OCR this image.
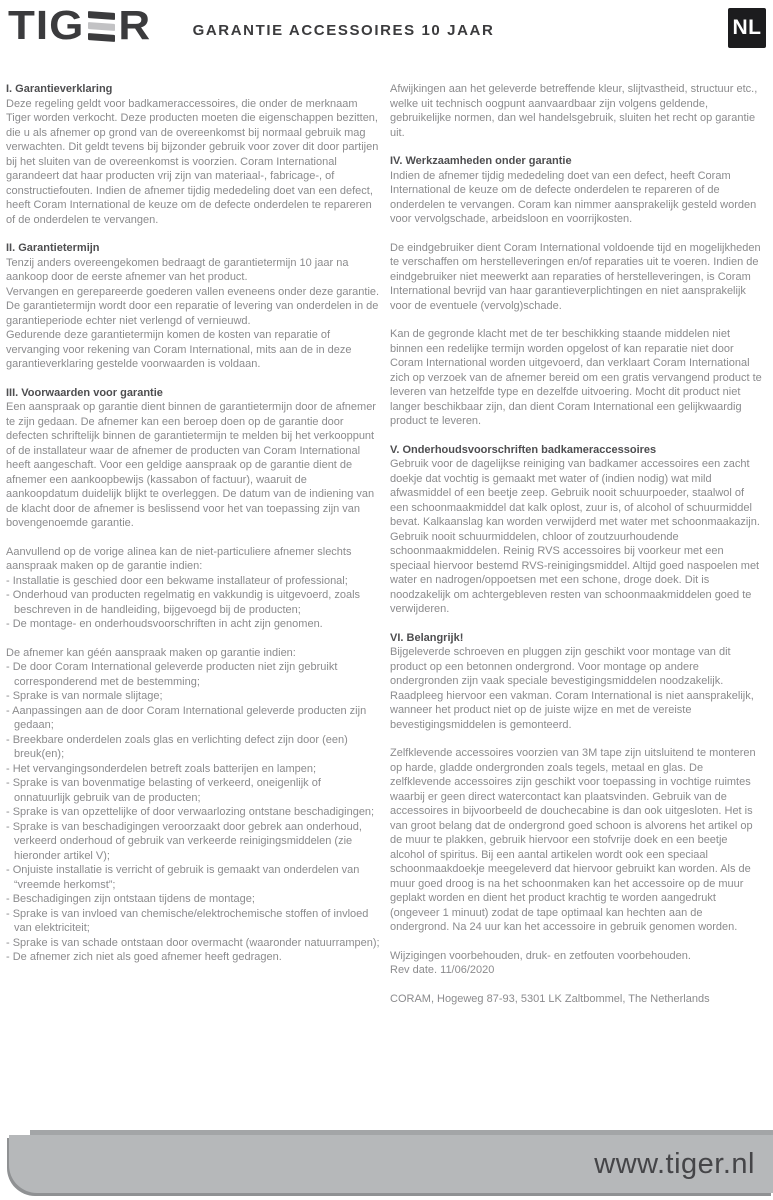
TIG R	GARANTIE ACCESSOIRES 10 JAAR	NL
I. Garantieverklaring
Deze regeling geldt voor badkameraccessoires, die onder de merknaam Tiger worden verkocht. Deze producten moeten die eigenschappen bezitten, die u als afnemer op grond van de overeenkomst bij normaal gebruik mag verwachten. Dit geldt tevens bij bijzonder gebruik voor zover dit door partijen bij het sluiten van de overeenkomst is voorzien. Coram International garandeert dat haar producten vrij zijn van materiaal-, fabricage-, of constructiefouten. Indien de afnemer tijdig mededeling doet van een defect, heeft Coram International de keuze om de defecte onderdelen te repareren of de onderdelen te vervangen.
II. Garantietermijn
Tenzij anders overeengekomen bedraagt de garantietermijn 10 jaar na aankoop door de eerste afnemer van het product.
Vervangen en gerepareerde goederen vallen eveneens onder deze garantie. De garantietermijn wordt door een reparatie of levering van onderdelen in de garantieperiode echter niet verlengd of vernieuwd.
Gedurende deze garantietermijn komen de kosten van reparatie of vervanging voor rekening van Coram International, mits aan de in deze garantieverklaring gestelde voorwaarden is voldaan.
III. Voorwaarden voor garantie
Een aanspraak op garantie dient binnen de garantietermijn door de afnemer te zijn gedaan. De afnemer kan een beroep doen op de garantie door defecten schriftelijk binnen de garantietermijn te melden bij het verkooppunt of de installateur waar de afnemer de producten van Coram International heeft aangeschaft. Voor een geldige aanspraak op de garantie dient de afnemer een aankoopbewijs (kassabon of factuur), waaruit de aankoopdatum duidelijk blijkt te overleggen. De datum van de indiening van de klacht door de afnemer is beslissend voor het van toepassing zijn van bovengenoemde garantie.
Aanvullend op de vorige alinea kan de niet-particuliere afnemer slechts aanspraak maken op de garantie indien:
- Installatie is geschied door een bekwame installateur of professional;
- Onderhoud van producten regelmatig en vakkundig is uitgevoerd, zoals beschreven in de handleiding, bijgevoegd bij de producten;
- De montage- en onderhoudsvoorschriften in acht zijn genomen.
De afnemer kan géén aanspraak maken op garantie indien:
- De door Coram International geleverde producten niet zijn gebruikt corresponderend met de bestemming;
- Sprake is van normale slijtage;
- Aanpassingen aan de door Coram International geleverde producten zijn gedaan;
- Breekbare onderdelen zoals glas en verlichting defect zijn door (een) breuk(en);
- Het vervangingsonderdelen betreft zoals batterijen en lampen;
- Sprake is van bovenmatige belasting of verkeerd, oneigenlijk of onnatuurlijk gebruik van de producten;
- Sprake is van opzettelijke of door verwaarlozing ontstane beschadigingen;
- Sprake is van beschadigingen veroorzaakt door gebrek aan onderhoud, verkeerd onderhoud of gebruik van verkeerde reinigingsmiddelen (zie hieronder artikel V);
- Onjuiste installatie is verricht of gebruik is gemaakt van onderdelen van “vreemde herkomst”;
- Beschadigingen zijn ontstaan tijdens de montage;
- Sprake is van invloed van chemische/elektrochemische stoffen of invloed van elektriciteit;
- Sprake is van schade ontstaan door overmacht (waaronder natuurrampen);
- De afnemer zich niet als goed afnemer heeft gedragen.
Afwijkingen aan het geleverde betreffende kleur, slijtvastheid, structuur etc., welke uit technisch oogpunt aanvaardbaar zijn volgens geldende, gebruikelijke normen, dan wel handelsgebruik, sluiten het recht op garantie uit.
IV. Werkzaamheden onder garantie
Indien de afnemer tijdig mededeling doet van een defect, heeft Coram International de keuze om de defecte onderdelen te repareren of de onderdelen te vervangen. Coram kan nimmer aansprakelijk gesteld worden voor vervolgschade, arbeidsloon en voorrijkosten.
De eindgebruiker dient Coram International voldoende tijd en mogelijkheden te verschaffen om herstelleveringen en/of reparaties uit te voeren. Indien de eindgebruiker niet meewerkt aan reparaties of herstelleveringen, is Coram International bevrijd van haar garantieverplichtingen en niet aansprakelijk voor de eventuele (vervolg)schade.
Kan de gegronde klacht met de ter beschikking staande middelen niet binnen een redelijke termijn worden opgelost of kan reparatie niet door Coram International worden uitgevoerd, dan verklaart Coram International zich op verzoek van de afnemer bereid om een gratis vervangend product te leveren van hetzelfde type en dezelfde uitvoering. Mocht dit product niet langer beschikbaar zijn, dan dient Coram International een gelijkwaardig product te leveren.
V. Onderhoudsvoorschriften badkameraccessoires
Gebruik voor de dagelijkse reiniging van badkamer accessoires een zacht doekje dat vochtig is gemaakt met water of (indien nodig) wat mild afwasmiddel of een beetje zeep. Gebruik nooit schuurpoeder, staalwol of een schoonmaakmiddel dat kalk oplost, zuur is, of alcohol of schuurmiddel bevat. Kalkaanslag kan worden verwijderd met water met schoonmaakazijn. Gebruik nooit schuurmiddelen, chloor of zoutzuurhoudende schoonmaakmiddelen. Reinig RVS accessoires bij voorkeur met een speciaal hiervoor bestemd RVS-reinigingsmiddel. Altijd goed naspoelen met water en nadrogen/oppoetsen met een schone, droge doek. Dit is noodzakelijk om achtergebleven resten van schoonmaakmiddelen goed te verwijderen.
VI. Belangrijk!
Bijgeleverde schroeven en pluggen zijn geschikt voor montage van dit product op een betonnen ondergrond. Voor montage op andere ondergronden zijn vaak speciale bevestigingsmiddelen noodzakelijk. Raadpleeg hiervoor een vakman. Coram International is niet aansprakelijk, wanneer het product niet op de juiste wijze en met de vereiste bevestigingsmiddelen is gemonteerd.
Zelfklevende accessoires voorzien van 3M tape zijn uitsluitend te monteren op harde, gladde ondergronden zoals tegels, metaal en glas. De zelfklevende accessoires zijn geschikt voor toepassing in vochtige ruimtes waarbij er geen direct watercontact kan plaatsvinden. Gebruik van de accessoires in bijvoorbeeld de douchecabine is dan ook uitgesloten. Het is van groot belang dat de ondergrond goed schoon is alvorens het artikel op de muur te plakken, gebruik hiervoor een stofvrije doek en een beetje alcohol of spiritus. Bij een aantal artikelen wordt ook een speciaal schoonmaakdoekje meegeleverd dat hiervoor gebruikt kan worden. Als de muur goed droog is na het schoonmaken kan het accessoire op de muur geplakt worden en dient het product krachtig te worden aangedrukt (ongeveer 1 minuut) zodat de tape optimaal kan hechten aan de ondergrond. Na 24 uur kan het accessoire in gebruik genomen worden.
Wijzigingen voorbehouden, druk- en zetfouten voorbehouden.
Rev date. 11/06/2020
CORAM, Hogeweg 87-93, 5301 LK Zaltbommel, The Netherlands
www.tiger.nl
